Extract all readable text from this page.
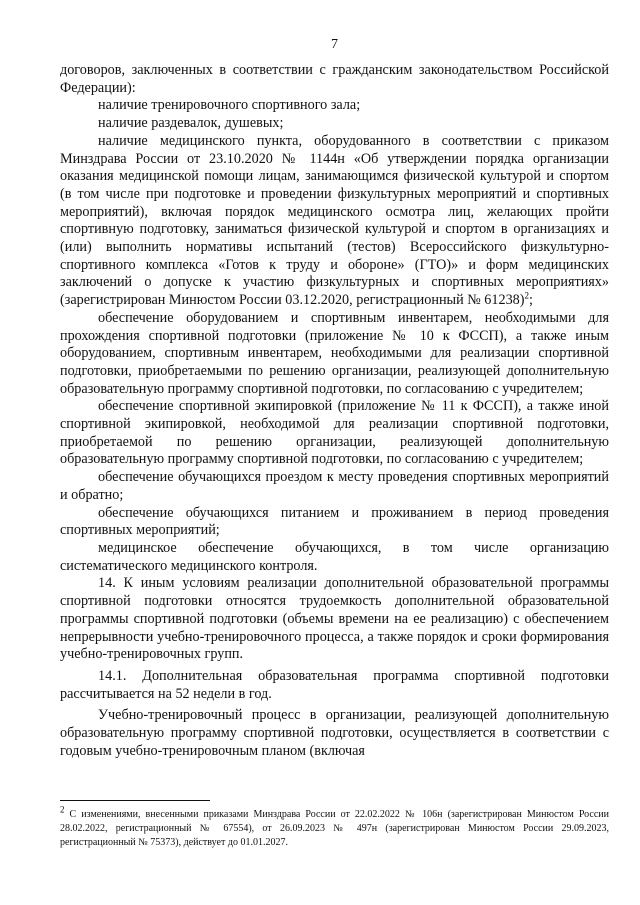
7

договоров, заключенных в соответствии с гражданским законодательством Российской Федерации):

наличие тренировочного спортивного зала;

наличие раздевалок, душевых;

наличие медицинского пункта, оборудованного в соответствии с приказом Минздрава России от 23.10.2020 № 1144н «Об утверждении порядка организации оказания медицинской помощи лицам, занимающимся физической культурой и спортом (в том числе при подготовке и проведении физкультурных мероприятий и спортивных мероприятий), включая порядок медицинского осмотра лиц, желающих пройти спортивную подготовку, заниматься физической культурой и спортом в организациях и (или) выполнить нормативы испытаний (тестов) Всероссийского физкультурно-спортивного комплекса «Готов к труду и обороне» (ГТО)» и форм медицинских заключений о допуске к участию физкультурных и спортивных мероприятиях» (зарегистрирован Минюстом России 03.12.2020, регистрационный № 61238)$^2$;

обеспечение оборудованием и спортивным инвентарем, необходимыми для прохождения спортивной подготовки (приложение № 10 к ФССП), а также иным оборудованием, спортивным инвентарем, необходимыми для реализации спортивной подготовки, приобретаемыми по решению организации, реализующей дополнительную образовательную программу спортивной подготовки, по согласованию с учредителем;

обеспечение спортивной экипировкой (приложение № 11 к ФССП), а также иной спортивной экипировкой, необходимой для реализации спортивной подготовки, приобретаемой по решению организации, реализующей дополнительную образовательную программу спортивной подготовки, по согласованию с учредителем;

обеспечение обучающихся проездом к месту проведения спортивных мероприятий и обратно;

обеспечение обучающихся питанием и проживанием в период проведения спортивных мероприятий;

медицинское обеспечение обучающихся, в том числе организацию систематического медицинского контроля.

14. К иным условиям реализации дополнительной образовательной программы спортивной подготовки относятся трудоемкость дополнительной образовательной программы спортивной подготовки (объемы времени на ее реализацию) с обеспечением непрерывности учебно-тренировочного процесса, а также порядок и сроки формирования учебно-тренировочных групп.

14.1. Дополнительная образовательная программа спортивной подготовки рассчитывается на 52 недели в год.

Учебно-тренировочный процесс в организации, реализующей дополнительную образовательную программу спортивной подготовки, осуществляется в соответствии с годовым учебно-тренировочным планом (включая

$^2$ С изменениями, внесенными приказами Минздрава России от 22.02.2022 № 106н (зарегистрирован Минюстом России 28.02.2022, регистрационный № 67554), от 26.09.2023 № 497н (зарегистрирован Минюстом России 29.09.2023, регистрационный № 75373), действует до 01.01.2027.
